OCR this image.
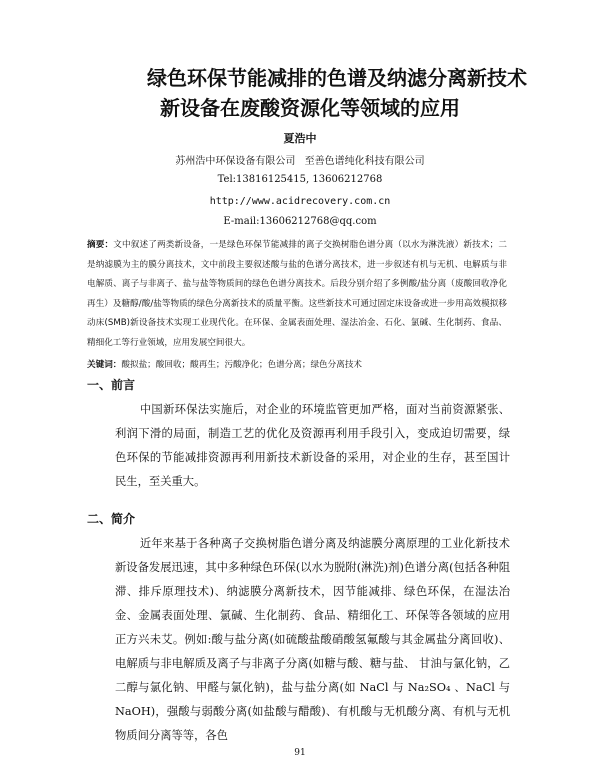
绿色环保节能减排的色谱及纳滤分离新技术
新设备在废酸资源化等领域的应用
夏浩中
苏州浩中环保设备有限公司 至善色谱纯化科技有限公司
Tel:13816125415, 13606212768
http://www.acidrecovery.com.cn
E-mail:13606212768@qq.com
摘要：文中叙述了两类新设备，一是绿色环保节能减排的离子交换树脂色谱分离（以水为淋洗液）新技术；二是纳滤膜为主的膜分离技术，文中前段主要叙述酸与盐的色谱分离技术，进一步叙述有机与无机、电解质与非电解质、离子与非离子、盐与盐等物质间的绿色色谱分离技术。后段分别介绍了多例酸/盐分离（废酸回收净化再生）及糖醇/酸/盐等物质的绿色分离新技术的质量平衡。这些新技术可通过固定床设备或进一步用高效模拟移动床(SMB)新设备技术实现工业现代化。在环保、金属表面处理、湿法冶金、石化、氯碱、生化制药、食品、精细化工等行业领域，应用发展空间很大。
关键词：酸拟盐；酸回收；酸再生；污酸净化；色谱分离；绿色分离技术
一、前言
中国新环保法实施后，对企业的环境监管更加严格，面对当前资源紧张、利润下滑的局面，制造工艺的优化及资源再利用手段引入，变成迫切需要，绿色环保的节能减排资源再利用新技术新设备的采用，对企业的生存，甚至国计民生，至关重大。
二、简介
近年来基于各种离子交换树脂色谱分离及纳滤膜分离原理的工业化新技术新设备发展迅速，其中多种绿色环保(以水为脱附(淋洗)剂)色谱分离(包括各种阻滞、排斥原理技术)、纳滤膜分离新技术，因节能减排、绿色环保，在湿法冶金、金属表面处理、氯碱、生化制药、食品、精细化工、环保等各领域的应用正方兴未艾。例如:酸与盐分离(如硫酸盐酸硝酸氢氟酸与其金属盐分离回收)、电解质与非电解质及离子与非离子分离(如糖与酸、糖与盐、 甘油与氯化钠，乙二醇与氯化钠、甲醛与氯化钠)，盐与盐分离(如 NaCl 与 Na₂SO₄ 、NaCl 与 NaOH)，强酸与弱酸分离(如盐酸与醋酸)、有机酸与无机酸分离、有机与无机物质间分离等等，各色
91
